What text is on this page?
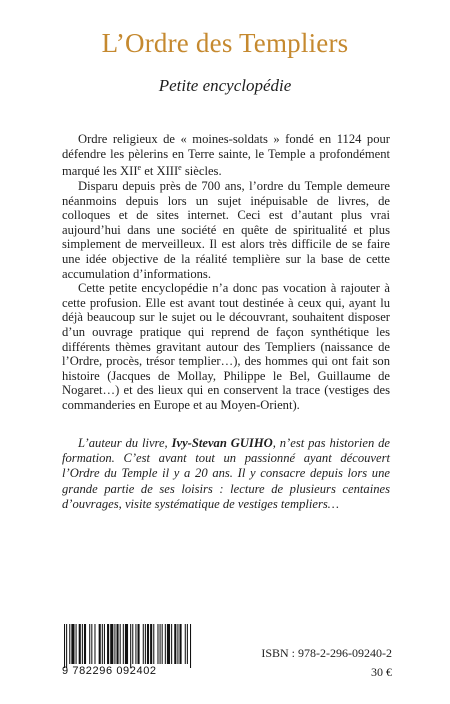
L’Ordre des Templiers
Petite encyclopédie

Ordre religieux de « moines-soldats » fondé en 1124 pour défendre les pèlerins en Terre sainte, le Temple a profondément marqué les XIIe et XIIIe siècles.

Disparu depuis près de 700 ans, l’ordre du Temple demeure néanmoins depuis lors un sujet inépuisable de livres, de colloques et de sites internet. Ceci est d’autant plus vrai aujourd’hui dans une société en quête de spiritualité et plus simplement de merveilleux. Il est alors très difficile de se faire une idée objective de la réalité templière sur la base de cette accumulation d’informations.

Cette petite encyclopédie n’a donc pas vocation à rajouter à cette profusion. Elle est avant tout destinée à ceux qui, ayant lu déjà beaucoup sur le sujet ou le découvrant, souhaitent disposer d’un ouvrage pratique qui reprend de façon synthétique les différents thèmes gravitant autour des Templiers (naissance de l’Ordre, procès, trésor templier…), des hommes qui ont fait son histoire (Jacques de Mollay, Philippe le Bel, Guillaume de Nogaret…) et des lieux qui en conservent la trace (vestiges des commanderies en Europe et au Moyen-Orient).

L’auteur du livre, Ivy-Stevan GUIHO, n’est pas historien de formation. C’est avant tout un passionné ayant découvert l’Ordre du Temple il y a 20 ans. Il y consacre depuis lors une grande partie de ses loisirs : lecture de plusieurs centaines d’ouvrages, visite systématique de vestiges templiers…

9 782296 092402
ISBN : 978-2-296-09240-2
30 €
